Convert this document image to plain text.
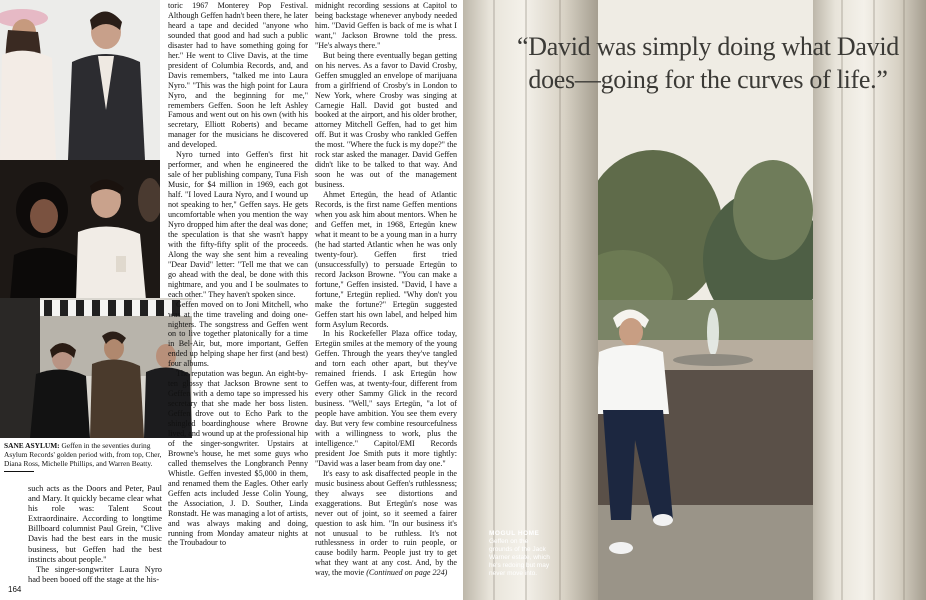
SANE ASYLUM: Geffen in the seventies during Asylum Records' golden period with, from top, Cher, Diana Ross, Michelle Phillips, and Warren Beatty.

such acts as the Doors and Peter, Paul and Mary. It quickly became clear what his role was: Talent Scout Extraordinaire. According to longtime Billboard columnist Paul Grein, "Clive Davis had the best ears in the music business, but Geffen had the best instincts about people."

The singer-songwriter Laura Nyro had been booed off the stage at the his-

toric 1967 Monterey Pop Festival. Although Geffen hadn't been there, he later heard a tape and decided "anyone who sounded that good and had such a public disaster had to have something going for her." He went to Clive Davis, at the time president of Columbia Records, and, and Davis remembers, "talked me into Laura Nyro." "This was the high point for Laura Nyro, and the beginning for me," remembers Geffen. Soon he left Ashley Famous and went out on his own (with his secretary, Elliott Roberts) and became manager for the musicians he discovered and developed.

Nyro turned into Geffen's first hit performer, and when he engineered the sale of her publishing company, Tuna Fish Music, for $4 million in 1969, each got half. "I loved Laura Nyro, and I wound up not speaking to her," Geffen says. He gets uncomfortable when you mention the way Nyro dropped him after the deal was done; the speculation is that she wasn't happy with the fifty-fifty split of the proceeds. Along the way she sent him a revealing "Dear David" letter: "Tell me that we can go ahead with the deal, be done with this nightmare, and you and I be soulmates to each other." They haven't spoken since.

Geffen moved on to Joni Mitchell, who was at the time traveling and doing one-nighters. The songstress and Geffen went on to live together platonically for a time in Bel-Air, but, more important, Geffen ended up helping shape her first (and best) four albums.

The reputation was begun. An eight-by-ten glossy that Jackson Browne sent to Geffen with a demo tape so impressed his secretary that she made her boss listen. Geffen drove out to Echo Park to the shingled boardinghouse where Browne lived, and wound up at the professional hip of the singer-songwriter. Upstairs at Browne's house, he met some guys who called themselves the Longbranch Penny Whistle. Geffen invested $5,000 in them, and renamed them the Eagles. Other early Geffen acts included Jesse Colin Young, the Association, J. D. Souther, Linda Ronstadt. He was managing a lot of artists, and was always making and doing, running from Monday amateur nights at the Troubadour to

midnight recording sessions at Capitol to being backstage whenever anybody needed him. "David Geffen is back of me is what I want," Jackson Browne told the press. "He's always there."

But being there eventually began getting on his nerves. As a favor to David Crosby, Geffen smuggled an envelope of marijuana from a girlfriend of Crosby's in London to New York, where Crosby was singing at Carnegie Hall. David got busted and booked at the airport, and his older brother, attorney Mitchell Geffen, had to get him off. But it was Crosby who rankled Geffen the most. "Where the fuck is my dope?" the rock star asked the manager. David Geffen didn't like to be talked to that way. And soon he was out of the management business.

Ahmet Ertegün, the head of Atlantic Records, is the first name Geffen mentions when you ask him about mentors. When he and Geffen met, in 1968, Ertegün knew what it meant to be a young man in a hurry (he had started Atlantic when he was only twenty-four). Geffen first tried (unsuccessfully) to persuade Ertegün to record Jackson Browne. "You can make a fortune," Geffen insisted. "David, I have a fortune," Ertegün replied. "Why don't you make the fortune?" Ertegün suggested Geffen start his own label, and helped him form Asylum Records.

In his Rockefeller Plaza office today, Ertegün smiles at the memory of the young Geffen. Through the years they've tangled and torn each other apart, but they've remained friends. I ask Ertegün how Geffen was, at twenty-four, different from every other Sammy Glick in the record business. "Well," says Ertegün, "a lot of people have ambition. You see them every day. But very few combine resourcefulness with a willingness to work, plus the intelligence." Capitol/EMI Records president Joe Smith puts it more tightly: "David was a laser beam from day one."

It's easy to ask disaffected people in the music business about Geffen's ruthlessness; they always see distortions and exaggerations. But Ertegün's nose was never out of joint, so it seemed a fairer question to ask him. "In our business it's not unusual to be ruthless. It's not ruthlessness in order to ruin people, or cause bodily harm. People just try to get what they want at any cost. And, by the way, the movie (Continued on page 224)

164
“David was simply doing what David does—going for the curves of life.”
MOGUL HOME Geffen on the grounds of the Jack Warner estate, which he's redoing but may never move into.
